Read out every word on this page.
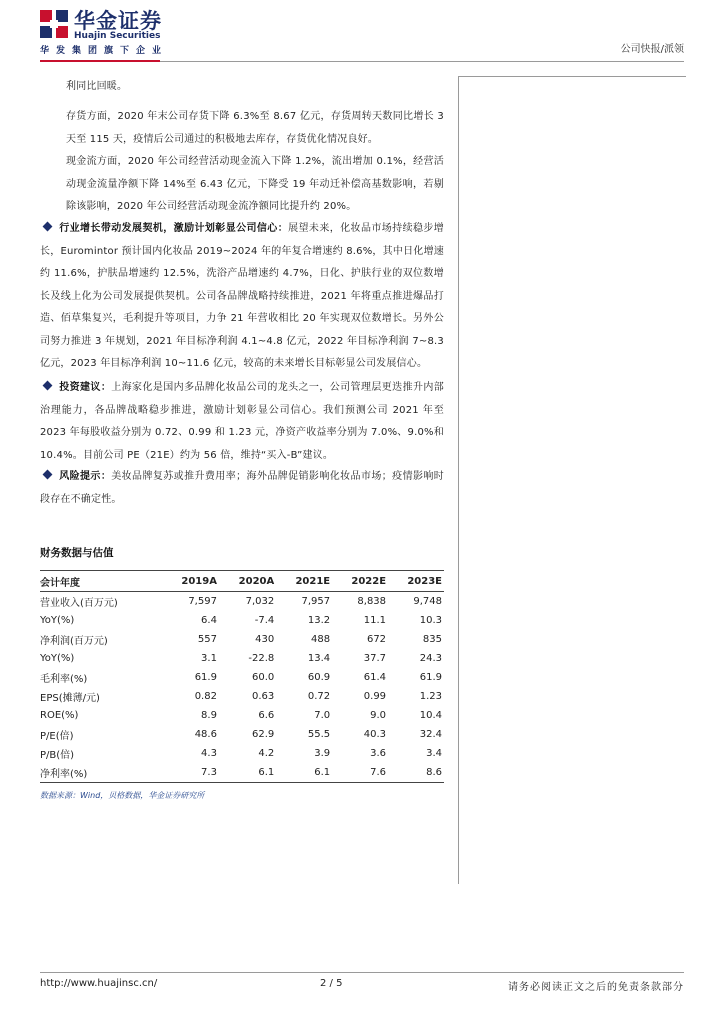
华金证券
Huajin Securities
华发集团旗下企业	公司快报/派领
利同比回暖。
存货方面，2020 年末公司存货下降 6.3%至 8.67 亿元，存货周转天数同比增长 3 天至 115 天，疫情后公司通过的积极地去库存，存货优化情况良好。
现金流方面，2020 年公司经营活动现金流入下降 1.2%，流出增加 0.1%，经营活动现金流量净额下降 14%至 6.43 亿元，下降受 19 年动迁补偿高基数影响，若剔除该影响，2020 年公司经营活动现金流净额同比提升约 20%。
行业增长带动发展契机，激励计划彰显公司信心：展望未来，化妆品市场持续稳步增长，Euromintor 预计国内化妆品 2019~2024 年的年复合增速约 8.6%，其中日化增速约 11.6%，护肤品增速约 12.5%，洗浴产品增速约 4.7%，日化、护肤行业的双位数增长及线上化为公司发展提供契机。公司各品牌战略持续推进，2021 年将重点推进爆品打造、佰草集复兴，毛利提升等项目，力争 21 年营收相比 20 年实现双位数增长。另外公司努力推进 3 年规划，2021 年目标净利润 4.1~4.8 亿元，2022 年目标净利润 7~8.3 亿元，2023 年目标净利润 10~11.6 亿元，较高的未来增长目标彰显公司发展信心。
投资建议：上海家化是国内多品牌化妆品公司的龙头之一，公司管理层更迭推升内部治理能力，各品牌战略稳步推进，激励计划彰显公司信心。我们预测公司 2021 年至 2023 年每股收益分别为 0.72、0.99 和 1.23 元，净资产收益率分别为 7.0%、9.0%和 10.4%。目前公司 PE（21E）约为 56 倍，维持“买入-B”建议。
风险提示：美妆品牌复苏或推升费用率；海外品牌促销影响化妆品市场；疫情影响时段存在不确定性。
财务数据与估值
会计年度	2019A	2020A	2021E	2022E	2023E
营业收入(百万元)	7,597	7,032	7,957	8,838	9,748
YoY(%)	6.4	-7.4	13.2	11.1	10.3
净利润(百万元)	557	430	488	672	835
YoY(%)	3.1	-22.8	13.4	37.7	24.3
毛利率(%)	61.9	60.0	60.9	61.4	61.9
EPS(摊薄/元)	0.82	0.63	0.72	0.99	1.23
ROE(%)	8.9	6.6	7.0	9.0	10.4
P/E(倍)	48.6	62.9	55.5	40.3	32.4
P/B(倍)	4.3	4.2	3.9	3.6	3.4
净利率(%)	7.3	6.1	6.1	7.6	8.6
数据来源：Wind，贝格数据，华金证券研究所
http://www.huajinsc.cn/	2 / 5	请务必阅读正文之后的免责条款部分
